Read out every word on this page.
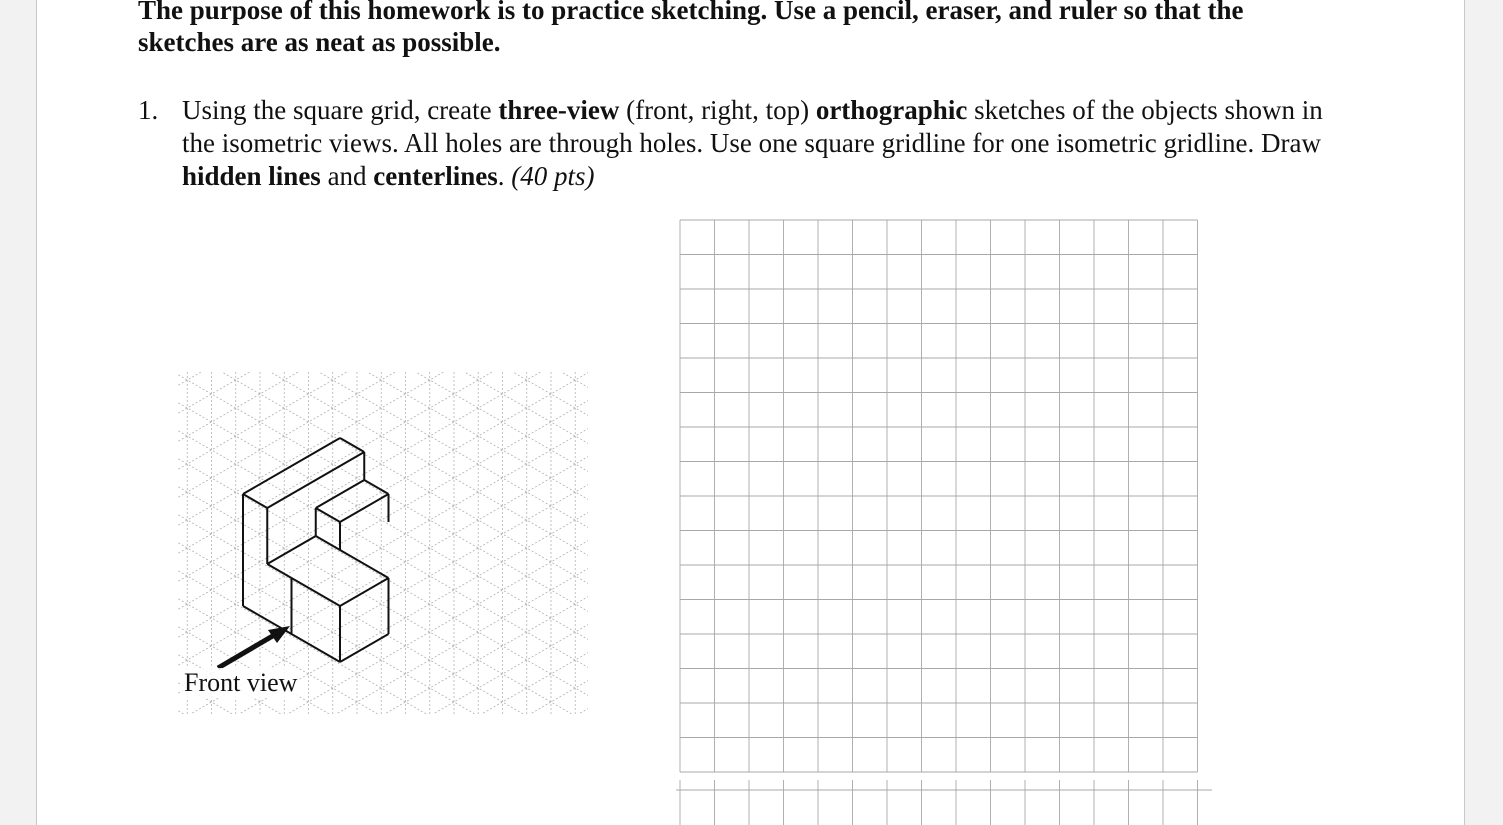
The purpose of this homework is to practice sketching. Use a pencil, eraser, and ruler so that the
sketches are as neat as possible.
1. Using the square grid, create three-view (front, right, top) orthographic sketches of the objects shown in the isometric views. All holes are through holes. Use one square gridline for one isometric gridline. Draw hidden lines and centerlines. (40 pts)
Front view
